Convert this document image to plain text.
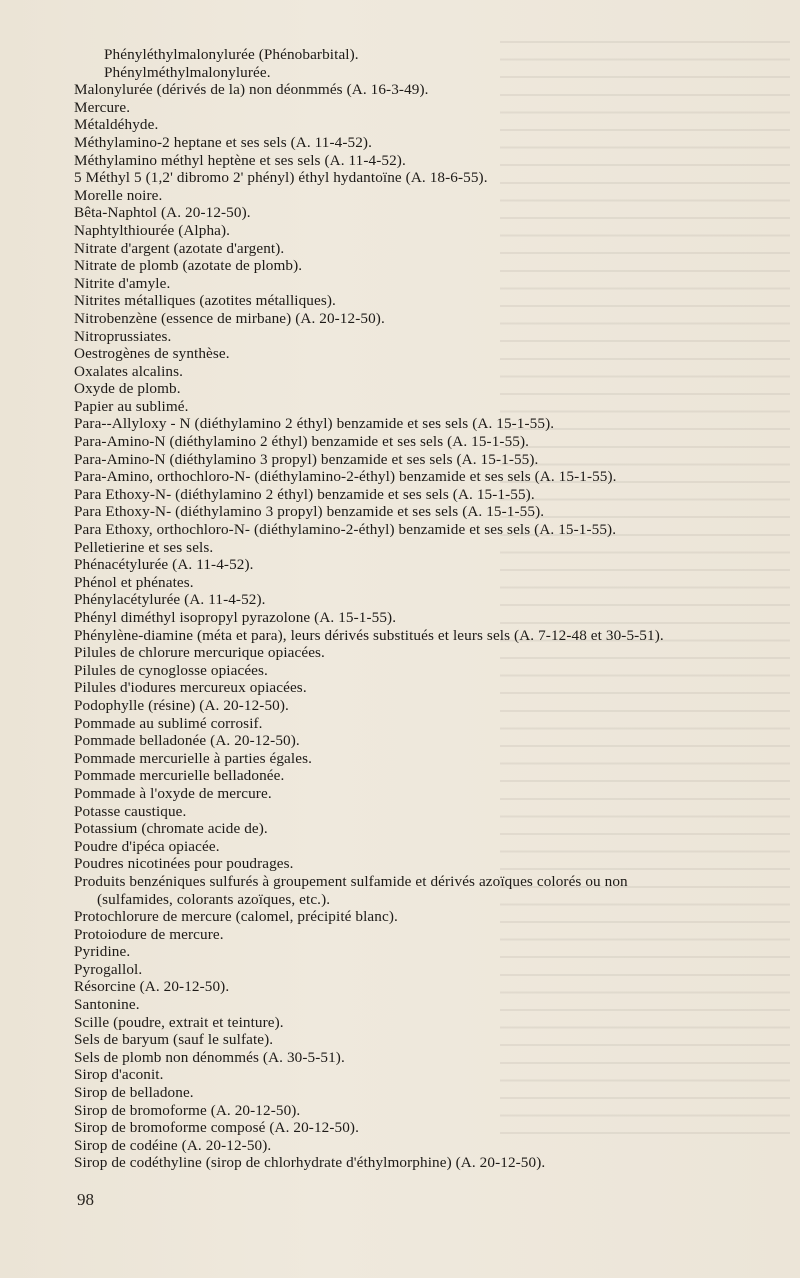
Phényléthylmalonylurée (Phénobarbital).
Phénylméthylmalonylurée.
Malonylurée (dérivés de la) non déonmmés (A. 16-3-49).
Mercure.
Métaldéhyde.
Méthylamino-2 heptane et ses sels (A. 11-4-52).
Méthylamino méthyl heptène et ses sels (A. 11-4-52).
5 Méthyl 5 (1,2' dibromo 2' phényl) éthyl hydantoïne (A. 18-6-55).
Morelle noire.
Bêta-Naphtol (A. 20-12-50).
Naphtylthiourée (Alpha).
Nitrate d'argent (azotate d'argent).
Nitrate de plomb (azotate de plomb).
Nitrite d'amyle.
Nitrites métalliques (azotites métalliques).
Nitrobenzène (essence de mirbane) (A. 20-12-50).
Nitroprussiates.
Oestrogènes de synthèse.
Oxalates alcalins.
Oxyde de plomb.
Papier au sublimé.
Para--Allyloxy - N (diéthylamino 2 éthyl) benzamide et ses sels (A. 15-1-55).
Para-Amino-N (diéthylamino 2 éthyl) benzamide et ses sels (A. 15-1-55).
Para-Amino-N (diéthylamino 3 propyl) benzamide et ses sels (A. 15-1-55).
Para-Amino, orthochloro-N- (diéthylamino-2-éthyl) benzamide et ses sels (A. 15-1-55).
Para Ethoxy-N- (diéthylamino 2 éthyl) benzamide et ses sels (A. 15-1-55).
Para Ethoxy-N- (diéthylamino 3 propyl) benzamide et ses sels (A. 15-1-55).
Para Ethoxy, orthochloro-N- (diéthylamino-2-éthyl) benzamide et ses sels (A. 15-1-55).
Pelletierine et ses sels.
Phénacétylurée (A. 11-4-52).
Phénol et phénates.
Phénylacétylurée (A. 11-4-52).
Phényl diméthyl isopropyl pyrazolone (A. 15-1-55).
Phénylène-diamine (méta et para), leurs dérivés substitués et leurs sels (A. 7-12-48 et 30-5-51).
Pilules de chlorure mercurique opiacées.
Pilules de cynoglosse opiacées.
Pilules d'iodures mercureux opiacées.
Podophylle (résine) (A. 20-12-50).
Pommade au sublimé corrosif.
Pommade belladonée (A. 20-12-50).
Pommade mercurielle à parties égales.
Pommade mercurielle belladonée.
Pommade à l'oxyde de mercure.
Potasse caustique.
Potassium (chromate acide de).
Poudre d'ipéca opiacée.
Poudres nicotinées pour poudrages.
Produits benzéniques sulfurés à groupement sulfamide et dérivés azoïques colorés ou non
(sulfamides, colorants azoïques, etc.).
Protochlorure de mercure (calomel, précipité blanc).
Protoiodure de mercure.
Pyridine.
Pyrogallol.
Résorcine (A. 20-12-50).
Santonine.
Scille (poudre, extrait et teinture).
Sels de baryum (sauf le sulfate).
Sels de plomb non dénommés (A. 30-5-51).
Sirop d'aconit.
Sirop de belladone.
Sirop de bromoforme (A. 20-12-50).
Sirop de bromoforme composé (A. 20-12-50).
Sirop de codéine (A. 20-12-50).
Sirop de codéthyline (sirop de chlorhydrate d'éthylmorphine) (A. 20-12-50).
98
